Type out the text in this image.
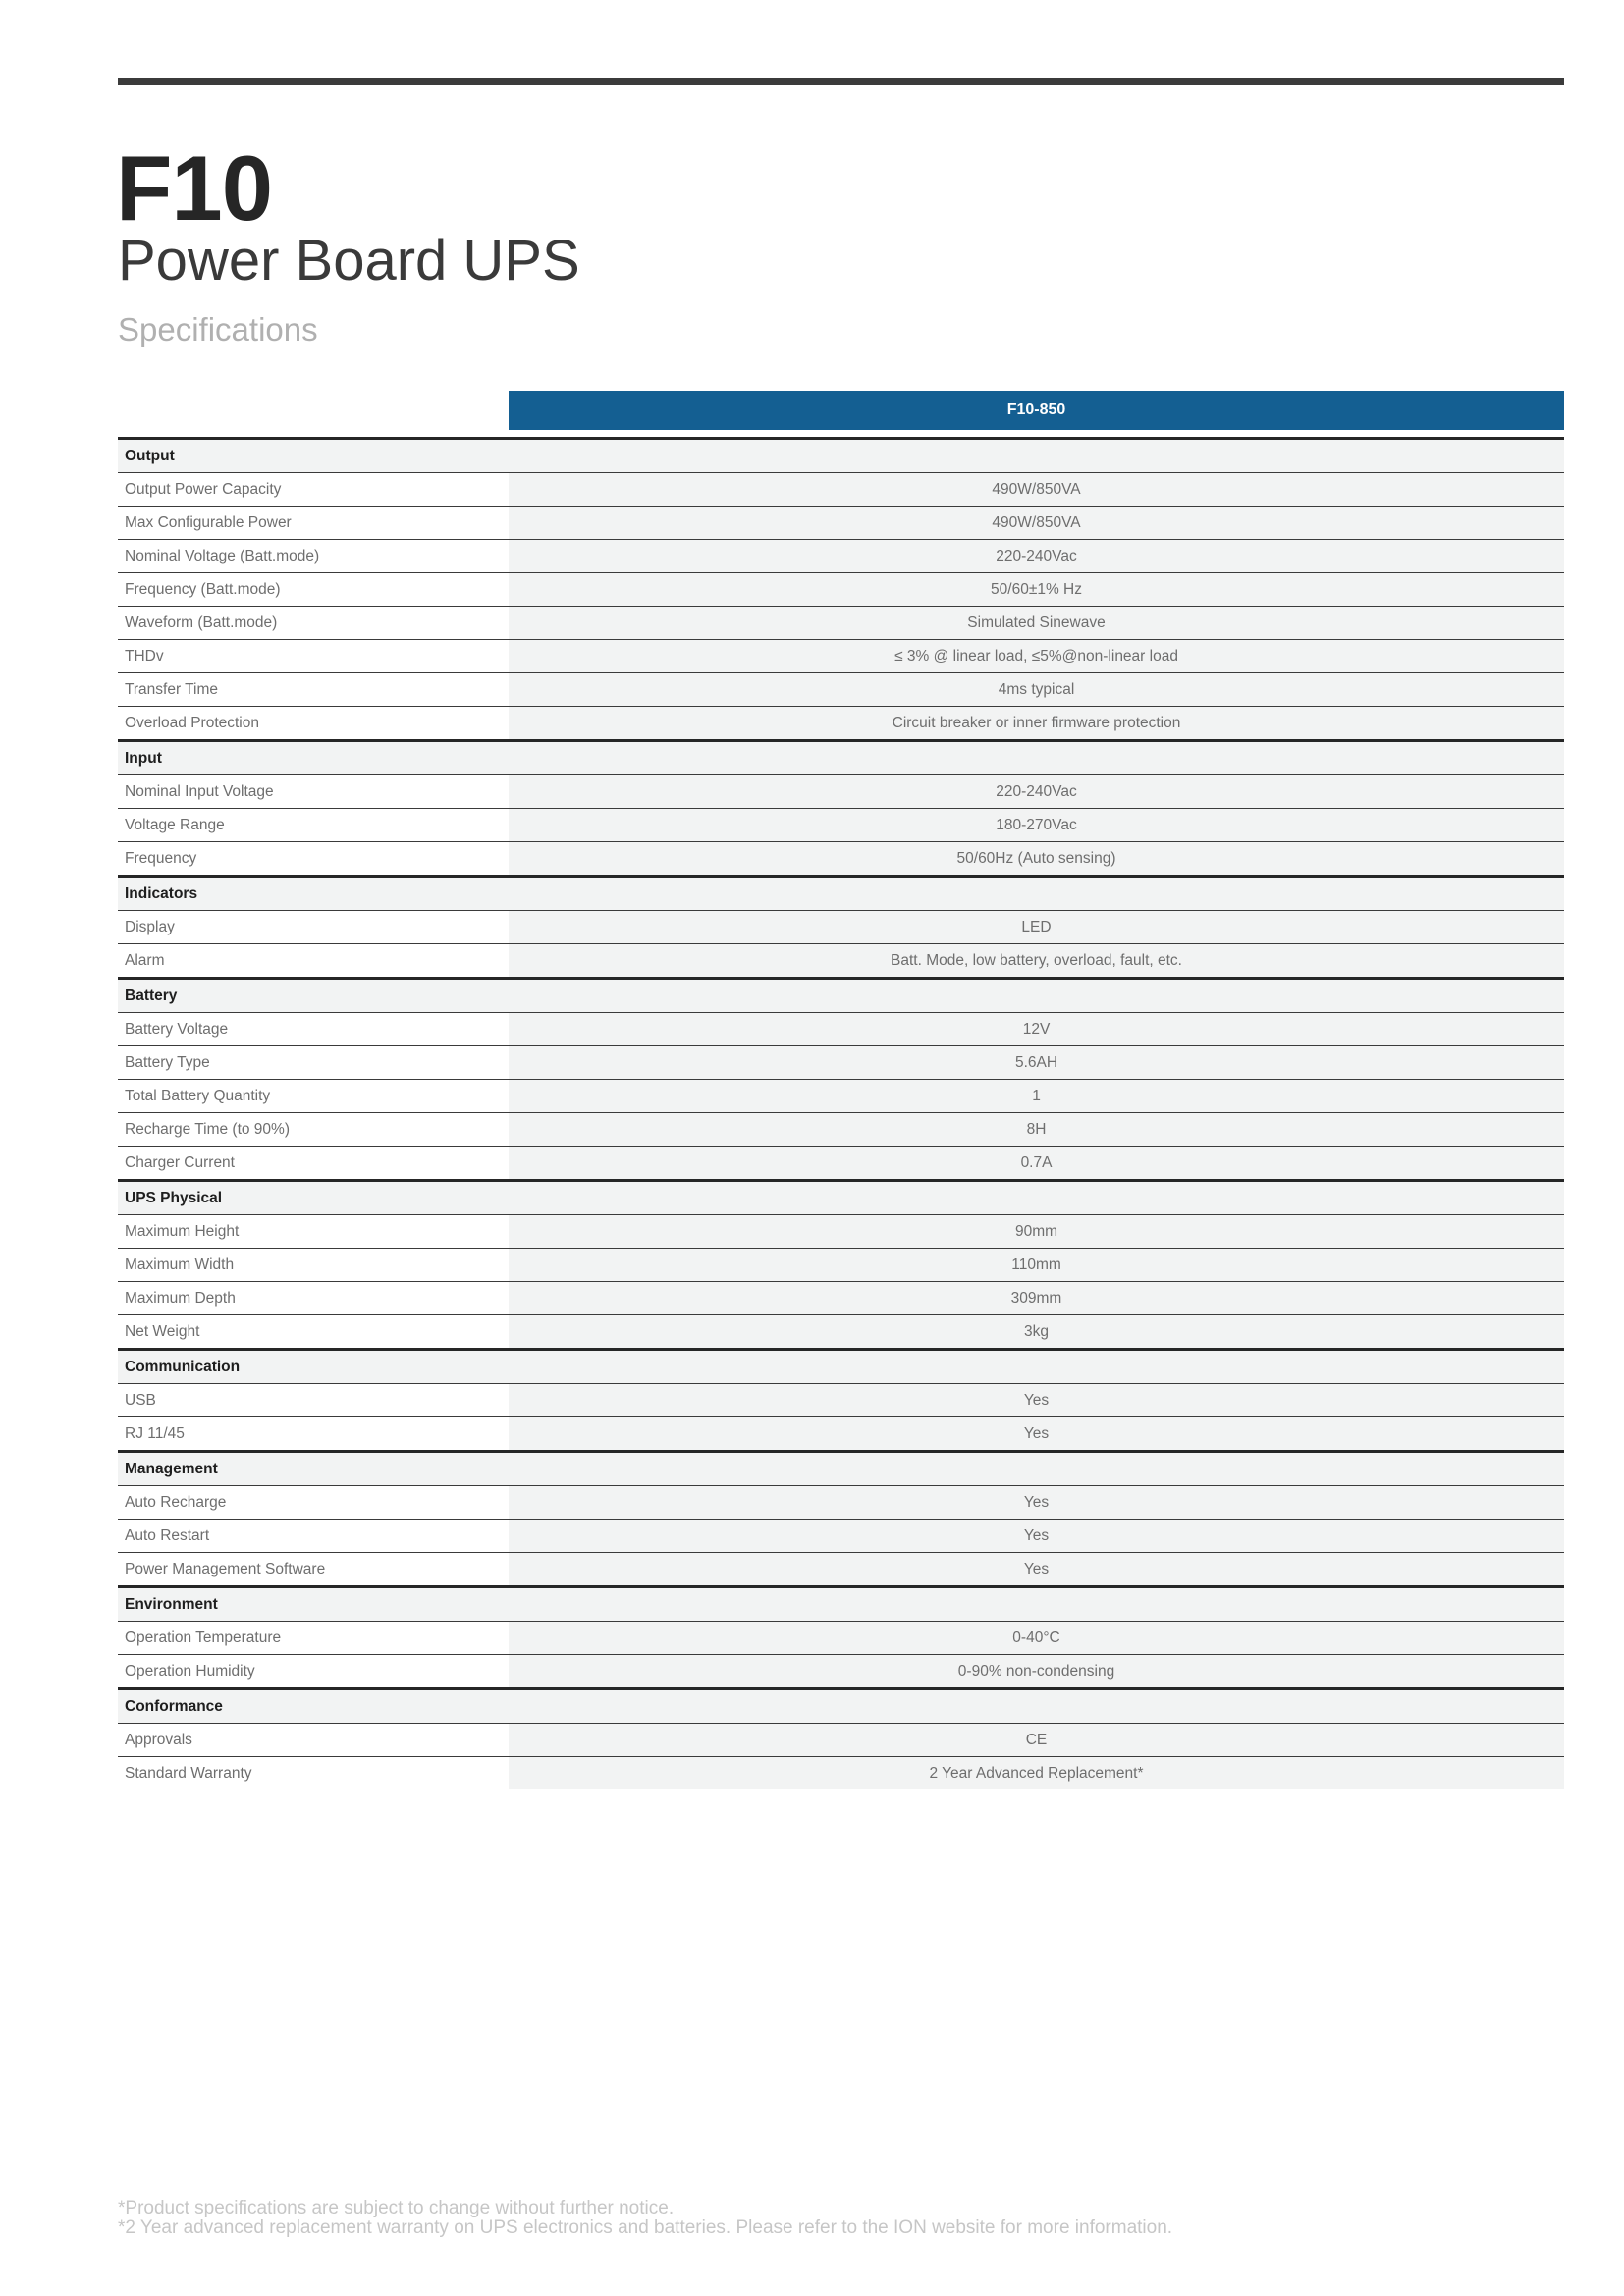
F10
Power Board UPS
Specifications
F10-850
Output	
Output Power Capacity	490W/850VA
Max Configurable Power	490W/850VA
Nominal Voltage (Batt.mode)	220-240Vac
Frequency (Batt.mode)	50/60±1% Hz
Waveform (Batt.mode)	Simulated Sinewave
THDv	≤ 3% @ linear load, ≤5%@non-linear load
Transfer Time	4ms typical
Overload Protection	Circuit breaker or inner firmware protection
Input	
Nominal Input Voltage	220-240Vac
Voltage Range	180-270Vac
Frequency	50/60Hz (Auto sensing)
Indicators	
Display	LED
Alarm	Batt. Mode, low battery, overload, fault, etc.
Battery	
Battery Voltage	12V
Battery Type	5.6AH
Total Battery Quantity	1
Recharge Time (to 90%)	8H
Charger Current	0.7A
UPS Physical	
Maximum Height	90mm
Maximum Width	110mm
Maximum Depth	309mm
Net Weight	3kg
Communication	
USB	Yes
RJ 11/45	Yes
Management	
Auto Recharge	Yes
Auto Restart	Yes
Power Management Software	Yes
Environment	
Operation Temperature	0-40°C
Operation Humidity	0-90% non-condensing
Conformance	
Approvals	CE
Standard Warranty	2 Year Advanced Replacement*
*Product specifications are subject to change without further notice.
*2 Year advanced replacement warranty on UPS electronics and batteries. Please refer to the ION website for more information.
